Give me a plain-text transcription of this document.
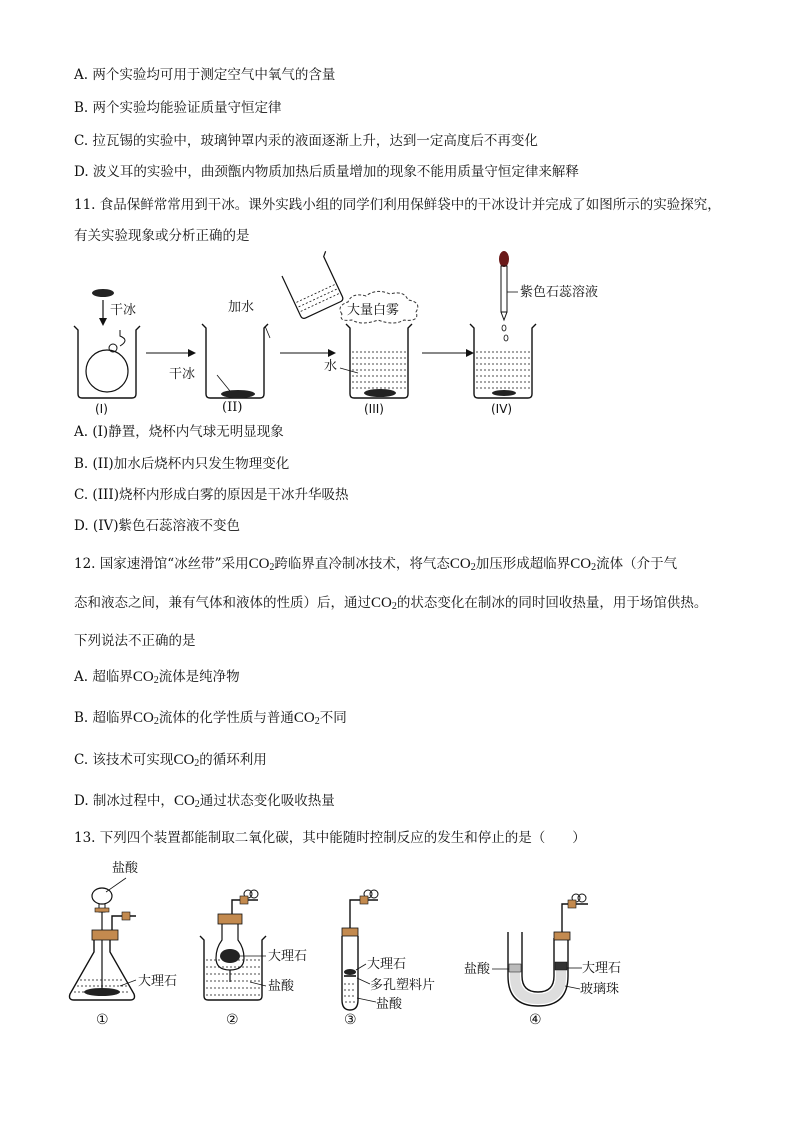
A. 两个实验均可用于测定空气中氧气的含量
B. 两个实验均能验证质量守恒定律
C. 拉瓦锡的实验中，玻璃钟罩内汞的液面逐渐上升，达到一定高度后不再变化
D. 波义耳的实验中，曲颈甑内物质加热后质量增加的现象不能用质量守恒定律来解释
11. 食品保鲜常常用到干冰。课外实践小组的同学们利用保鲜袋中的干冰设计并完成了如图所示的实验探究，
有关实验现象或分析正确的是
干冰
(I)
加水
干冰
大量白雾
水
(III)
紫色石蕊溶液
(IV)
(II)
A. (I)静置，烧杯内气球无明显现象
B. (II)加水后烧杯内只发生物理变化
C. (III)烧杯内形成白雾的原因是干冰升华吸热
D. (IV)紫色石蕊溶液不变色
12. 国家速滑馆“冰丝带”采用$CO_2$跨临界直冷制冰技术，将气态$CO_2$加压形成超临界$CO_2$流体（介于气
态和液态之间，兼有气体和液体的性质）后，通过$CO_2$的状态变化在制冰的同时回收热量，用于场馆供热。
下列说法不正确的是
A. 超临界$CO_2$流体是纯净物
B. 超临界$CO_2$流体的化学性质与普通$CO_2$不同
C. 该技术可实现$CO_2$的循环利用
D. 制冰过程中，$CO_2$通过状态变化吸收热量
13. 下列四个装置都能制取二氧化碳，其中能随时控制反应的发生和停止的是（　　）
盐酸
大理石
①
大理石
盐酸
②
大理石
多孔塑料片
盐酸
③
盐酸	大理石
玻璃珠
④
